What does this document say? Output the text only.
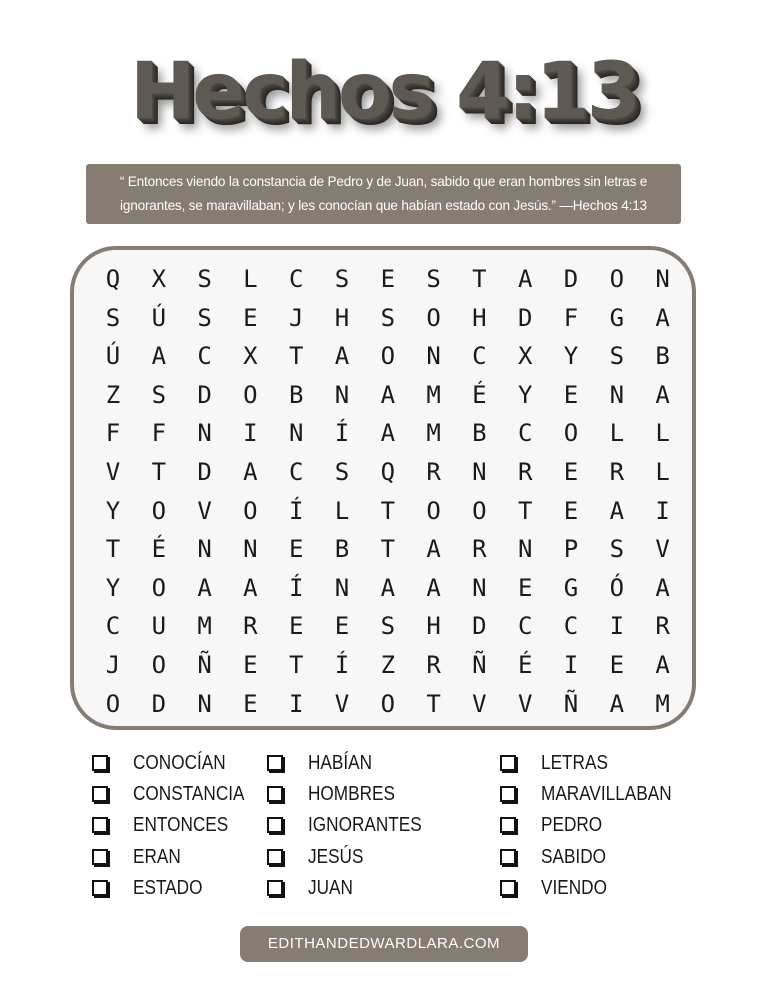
Hechos 4:13
“ Entonces viendo la constancia de Pedro y de Juan, sabido que eran hombres sin letras e
ignorantes, se maravillaban; y les conocían que habían estado con Jesús.” —Hechos 4:13
Q	X	S	L	C	S	E	S	T	A	D	O	N
S	Ú	S	E	J	H	S	O	H	D	F	G	A
Ú	A	C	X	T	A	O	N	C	X	Y	S	B
Z	S	D	O	B	N	A	M	É	Y	E	N	A
F	F	N	I	N	Í	A	M	B	C	O	L	L
V	T	D	A	C	S	Q	R	N	R	E	R	L
Y	O	V	O	Í	L	T	O	O	T	E	A	I
T	É	N	N	E	B	T	A	R	N	P	S	V
Y	O	A	A	Í	N	A	A	N	E	G	Ó	A
C	U	M	R	E	E	S	H	D	C	C	I	R
J	O	Ñ	E	T	Í	Z	R	Ñ	É	I	E	A
O	D	N	E	I	V	O	T	V	V	Ñ	A	M
CONOCÍAN
CONSTANCIA
ENTONCES
ERAN
ESTADO
HABÍAN
HOMBRES
IGNORANTES
JESÚS
JUAN
LETRAS
MARAVILLABAN
PEDRO
SABIDO
VIENDO
EDITHANDEDWARDLARA.COM
